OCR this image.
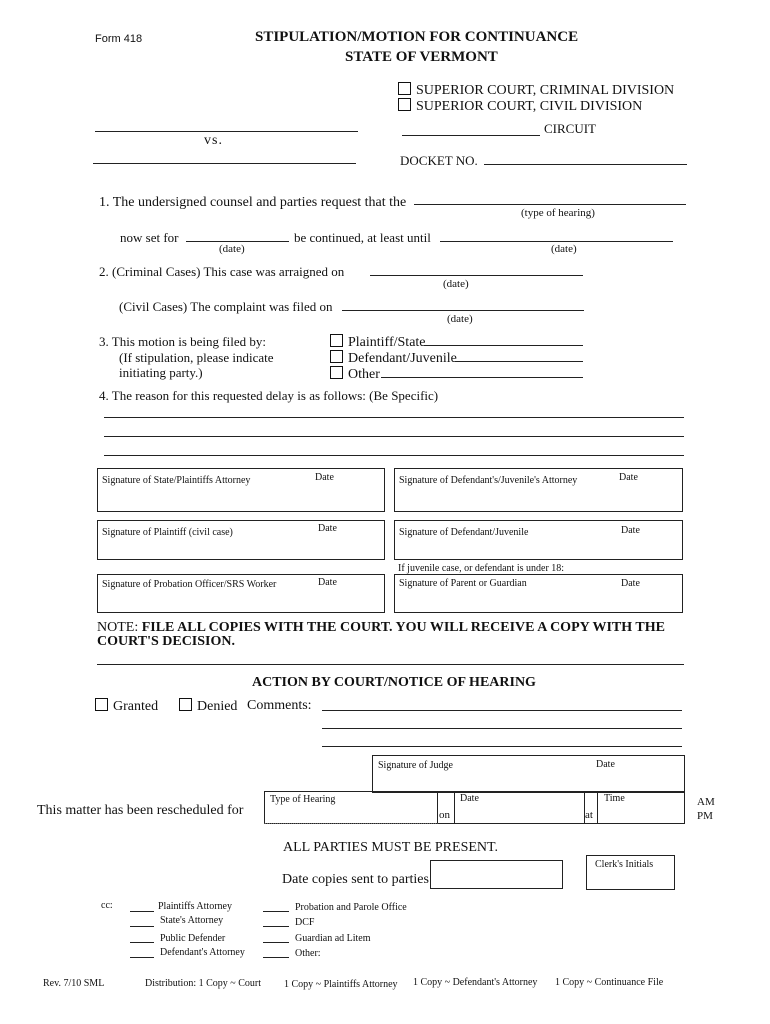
Form 418	STIPULATION/MOTION FOR CONTINUANCE
STATE OF VERMONT
SUPERIOR COURT, CRIMINAL DIVISION
SUPERIOR COURT, CIVIL DIVISION
vs.
CIRCUIT
DOCKET NO.
1. The undersigned counsel and parties request that the
(type of hearing)
now set for
(date)
be continued, at least until
(date)
2. (Criminal Cases) This case was arraigned on
(date)
(Civil Cases) The complaint was filed on
(date)
3. This motion is being filed by:
(If stipulation, please indicate
initiating party.)
Plaintiff/State
Defendant/Juvenile
Other
4. The reason for this requested delay is as follows: (Be Specific)
Signature of State/Plaintiffs Attorney	Date	Signature of Defendant's/Juvenile's Attorney	Date
Signature of Plaintiff (civil case)	Date	Signature of Defendant/Juvenile	Date
If juvenile case, or defendant is under 18:
Signature of Probation Officer/SRS Worker	Date	Signature of Parent or Guardian	Date
NOTE: FILE ALL COPIES WITH THE COURT. YOU WILL RECEIVE A COPY WITH THE
COURT'S DECISION.
ACTION BY COURT/NOTICE OF HEARING
Granted	Denied Comments:
Signature of Judge	Date
This matter has been rescheduled for
Type of Hearing
on
Date
at
Time	AM
PM
ALL PARTIES MUST BE PRESENT.
Clerk's Initials
Date copies sent to parties
cc:	Plaintiffs Attorney
State's Attorney
Public Defender
Defendant's Attorney
Probation and Parole Office
DCF
Guardian ad Litem
Other:
Rev. 7/10 SML	Distribution: 1 Copy ~ Court 1 Copy ~ Plaintiffs Attorney 1 Copy ~ Defendant's Attorney 1 Copy ~ Continuance File
